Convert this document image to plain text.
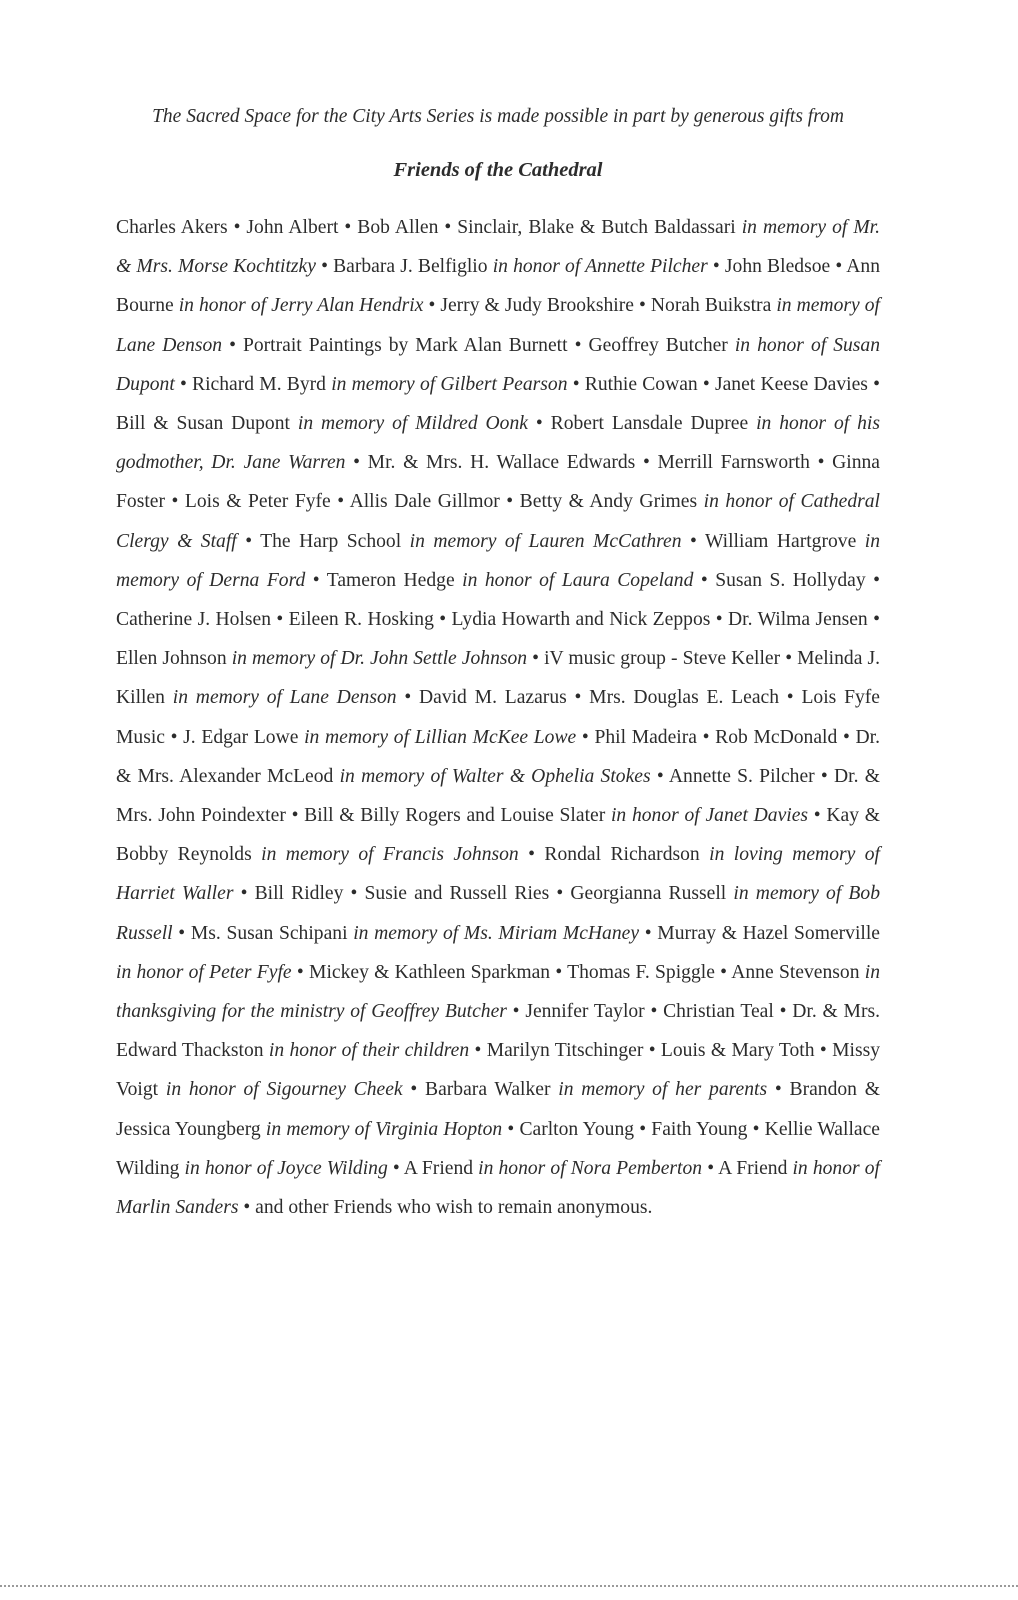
The Sacred Space for the City Arts Series is made possible in part by generous gifts from
Friends of the Cathedral
Charles Akers • John Albert • Bob Allen • Sinclair, Blake & Butch Baldassari in memory of Mr. & Mrs. Morse Kochtitzky • Barbara J. Belfiglio in honor of Annette Pilcher • John Bledsoe • Ann Bourne in honor of Jerry Alan Hendrix • Jerry & Judy Brookshire • Norah Buikstra in memory of Lane Denson • Portrait Paintings by Mark Alan Burnett • Geoffrey Butcher in honor of Susan Dupont • Richard M. Byrd in memory of Gilbert Pearson • Ruthie Cowan • Janet Keese Davies • Bill & Susan Dupont in memory of Mildred Oonk • Robert Lansdale Dupree in honor of his godmother, Dr. Jane Warren • Mr. & Mrs. H. Wallace Edwards • Merrill Farnsworth • Ginna Foster • Lois & Peter Fyfe • Allis Dale Gillmor • Betty & Andy Grimes in honor of Cathedral Clergy & Staff • The Harp School in memory of Lauren McCathren • William Hartgrove in memory of Derna Ford • Tameron Hedge in honor of Laura Copeland • Susan S. Hollyday • Catherine J. Holsen • Eileen R. Hosking • Lydia Howarth and Nick Zeppos • Dr. Wilma Jensen • Ellen Johnson in memory of Dr. John Settle Johnson • iV music group - Steve Keller • Melinda J. Killen in memory of Lane Denson • David M. Lazarus • Mrs. Douglas E. Leach • Lois Fyfe Music • J. Edgar Lowe in memory of Lillian McKee Lowe • Phil Madeira • Rob McDonald • Dr. & Mrs. Alexander McLeod in memory of Walter & Ophelia Stokes • Annette S. Pilcher • Dr. & Mrs. John Poindexter • Bill & Billy Rogers and Louise Slater in honor of Janet Davies • Kay & Bobby Reynolds in memory of Francis Johnson • Rondal Richardson in loving memory of Harriet Waller • Bill Ridley • Susie and Russell Ries • Georgianna Russell in memory of Bob Russell • Ms. Susan Schipani in memory of Ms. Miriam McHaney • Murray & Hazel Somerville in honor of Peter Fyfe • Mickey & Kathleen Sparkman • Thomas F. Spiggle • Anne Stevenson in thanksgiving for the ministry of Geoffrey Butcher • Jennifer Taylor • Christian Teal • Dr. & Mrs. Edward Thackston in honor of their children • Marilyn Titschinger • Louis & Mary Toth • Missy Voigt in honor of Sigourney Cheek • Barbara Walker in memory of her parents • Brandon & Jessica Youngberg in memory of Virginia Hopton • Carlton Young • Faith Young • Kellie Wallace Wilding in honor of Joyce Wilding • A Friend in honor of Nora Pemberton • A Friend in honor of Marlin Sanders • and other Friends who wish to remain anonymous.
